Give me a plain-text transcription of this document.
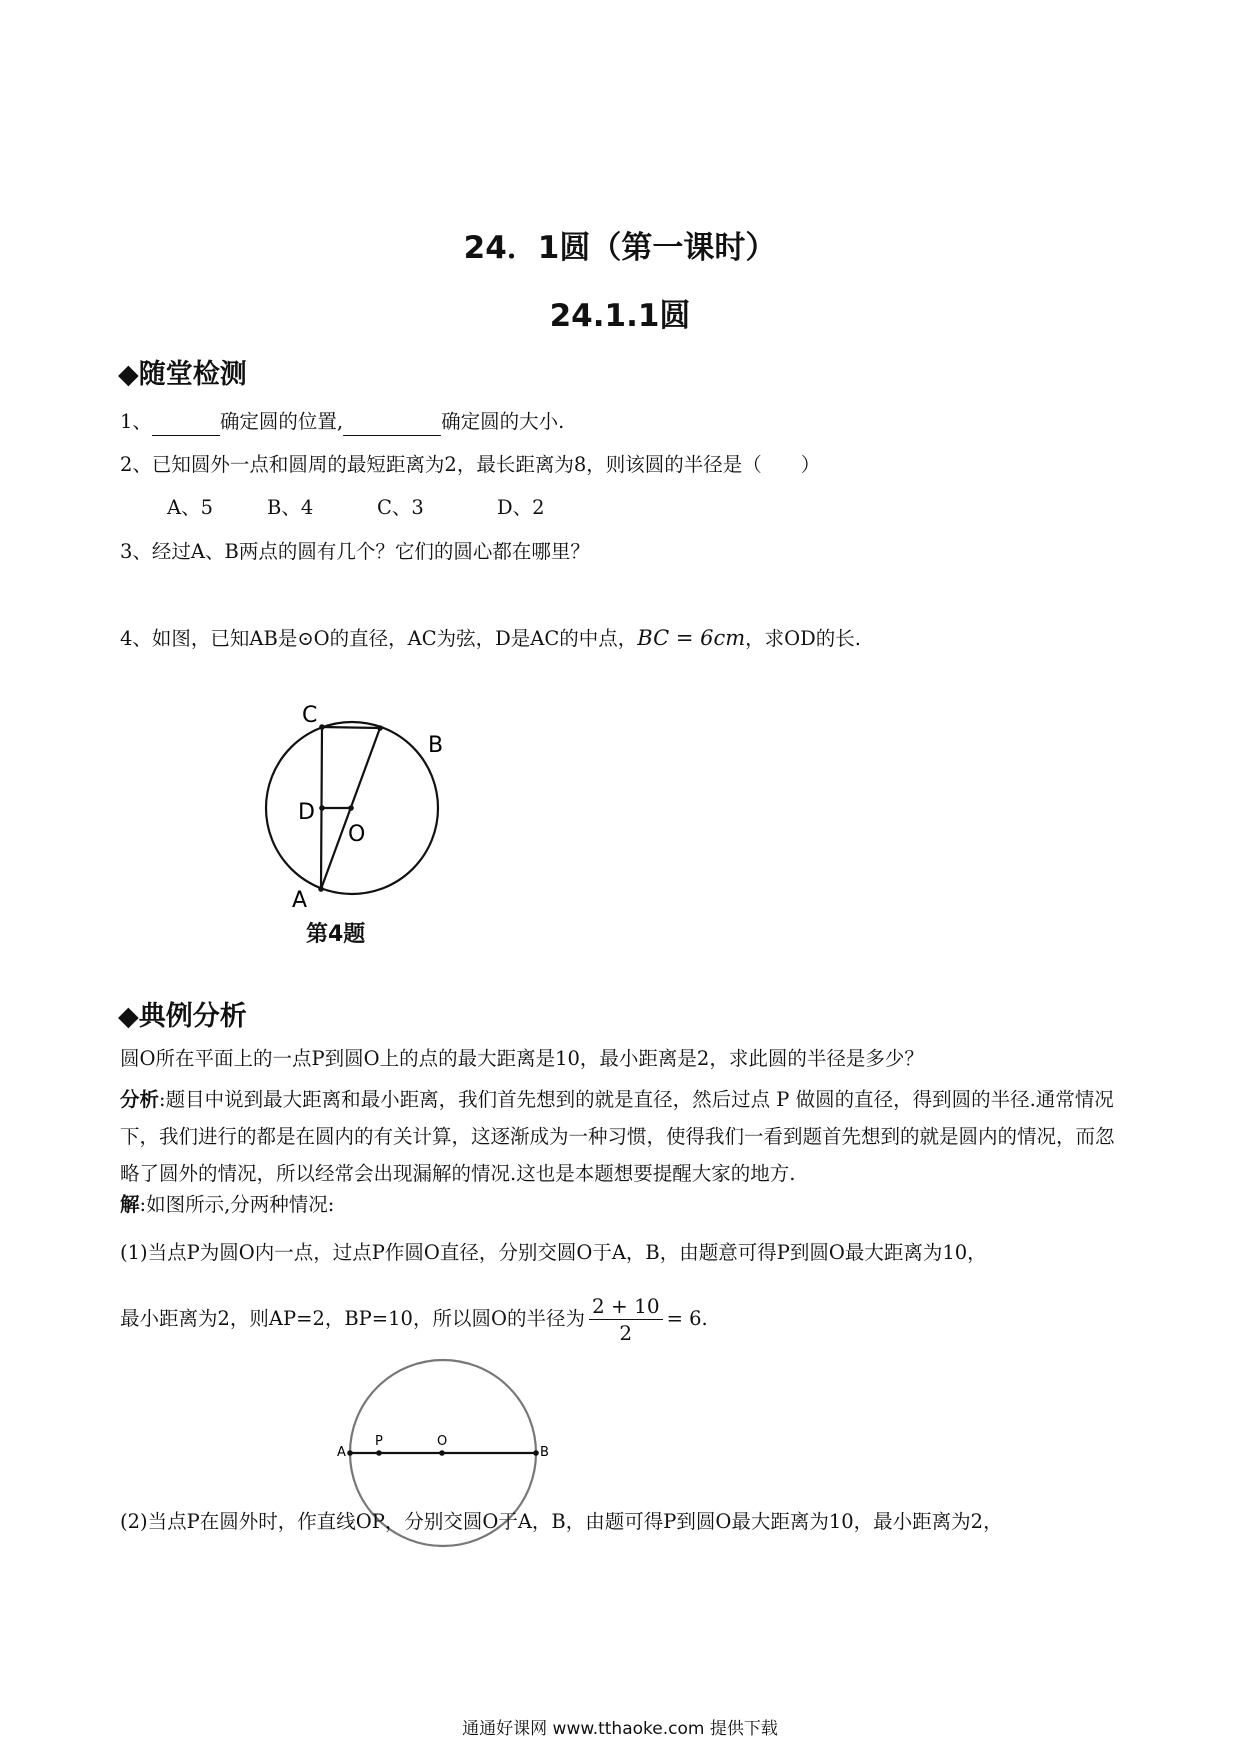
24．1圆（第一课时）
24.1.1圆
◆随堂检测
1、	确定圆的位置,	确定圆的大小.
2、已知圆外一点和圆周的最短距离为2，最长距离为8，则该圆的半径是（　　）
A、5	B、4	C、3	D、2
3、经过A、B两点的圆有几个？它们的圆心都在哪里？
4、如图，已知AB是⊙O的直径，AC为弦，D是AC的中点，BC = 6cm，求OD的长.
C
B
D
O
A
第4题
◆典例分析
圆O所在平面上的一点P到圆O上的点的最大距离是10，最小距离是2，求此圆的半径是多少？
分析:题目中说到最大距离和最小距离，我们首先想到的就是直径，然后过点 P 做圆的直径，得到圆的半径.通常情况下，我们进行的都是在圆内的有关计算，这逐渐成为一种习惯，使得我们一看到题首先想到的就是圆内的情况，而忽略了圆外的情况，所以经常会出现漏解的情况.这也是本题想要提醒大家的地方.
解:如图所示,分两种情况:
(1)当点P为圆O内一点，过点P作圆O直径，分别交圆O于A，B，由题意可得P到圆O最大距离为10，
最小距离为2，则AP=2，BP=10，所以圆O的半径为 $\frac{2 + 10}{2} = 6$.
A
P	O
B
(2)当点P在圆外时，作直线OP，分别交圆O于A，B，由题可得P到圆O最大距离为10，最小距离为2，
通通好课网 www.tthaoke.com 提供下载
